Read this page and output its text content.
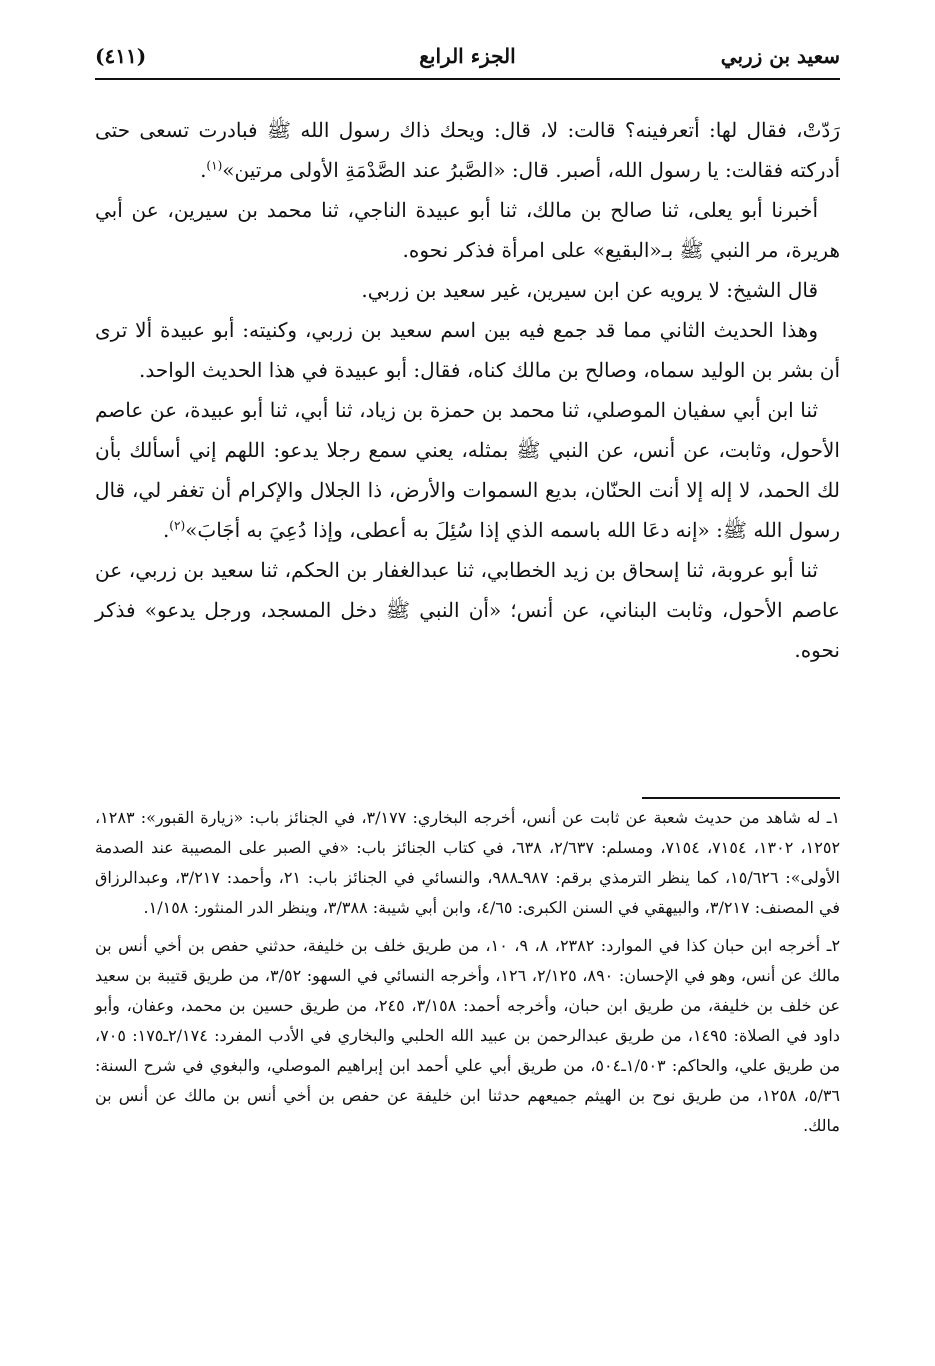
سعيد بن زربي
الجزء الرابع
(٤١١)

رَدّتْ، فقال لها: أتعرفينه؟ قالت: لا، قال: ويحك ذاك رسول الله ﷺ فبادرت تسعى حتى أدركته فقالت: يا رسول الله، أصبر. قال: «الصَّبرُ عند الصَّدْمَةِ الأولى مرتين»$^{(١)}$.

أخبرنا أبو يعلى، ثنا صالح بن مالك، ثنا أبو عبيدة الناجي، ثنا محمد بن سيرين، عن أبي هريرة، مر النبي ﷺ بـ«البقيع» على امرأة فذكر نحوه.

قال الشيخ: لا يرويه عن ابن سيرين، غير سعيد بن زربي.

وهذا الحديث الثاني مما قد جمع فيه بين اسم سعيد بن زربي، وكنيته: أبو عبيدة ألا ترى أن بشر بن الوليد سماه، وصالح بن مالك كناه، فقال: أبو عبيدة في هذا الحديث الواحد.

ثنا ابن أبي سفيان الموصلي، ثنا محمد بن حمزة بن زياد، ثنا أبي، ثنا أبو عبيدة، عن عاصم الأحول، وثابت، عن أنس، عن النبي ﷺ بمثله، يعني سمع رجلا يدعو: اللهم إني أسألك بأن لك الحمد، لا إله إلا أنت الحنّان، بديع السموات والأرض، ذا الجلال والإكرام أن تغفر لي، قال رسول الله ﷺ: «إنه دعَا الله باسمه الذي إذا سُئِلَ به أعطى، وإذا دُعِيَ به أجَابَ»$^{(٢)}$.

ثنا أبو عروبة، ثنا إسحاق بن زيد الخطابي، ثنا عبدالغفار بن الحكم، ثنا سعيد بن زربي، عن عاصم الأحول، وثابت البناني، عن أنس؛ «أن النبي ﷺ دخل المسجد، ورجل يدعو» فذكر نحوه.

١ـ له شاهد من حديث شعبة عن ثابت عن أنس، أخرجه البخاري: ٣/١٧٧، في الجنائز باب: «زيارة القبور»: ١٢٨٣، ١٢٥٢، ١٣٠٢، ٧١٥٤، ٧١٥٤، ومسلم: ٢/٦٣٧، ٦٣٨، في كتاب الجنائز باب: «في الصبر على المصيبة عند الصدمة الأولى»: ١٥/٦٢٦، كما ينظر الترمذي برقم: ٩٨٧ـ٩٨٨، والنسائي في الجنائز باب: ٢١، وأحمد: ٣/٢١٧، وعبدالرزاق في المصنف: ٣/٢١٧، والبيهقي في السنن الكبرى: ٤/٦٥، وابن أبي شيبة: ٣/٣٨٨، وينظر الدر المنثور: ١/١٥٨.

٢ـ أخرجه ابن حبان كذا في الموارد: ٢٣٨٢، ٨، ٩، ١٠، من طريق خلف بن خليفة، حدثني حفص بن أخي أنس بن مالك عن أنس، وهو في الإحسان: ٨٩٠، ٢/١٢٥، ١٢٦، وأخرجه النسائي في السهو: ٣/٥٢، من طريق قتيبة بن سعيد عن خلف بن خليفة، من طريق ابن حبان، وأخرجه أحمد: ٣/١٥٨، ٢٤٥، من طريق حسين بن محمد، وعفان، وأبو داود في الصلاة: ١٤٩٥، من طريق عبدالرحمن بن عبيد الله الحلبي والبخاري في الأدب المفرد: ٢/١٧٤ـ١٧٥: ٧٠٥، من طريق علي، والحاكم: ١/٥٠٣ـ٥٠٤، من طريق أبي علي أحمد ابن إبراهيم الموصلي، والبغوي في شرح السنة: ٥/٣٦، ١٢٥٨، من طريق نوح بن الهيثم جميعهم حدثنا ابن خليفة عن حفص بن أخي أنس بن مالك عن أنس بن مالك.
